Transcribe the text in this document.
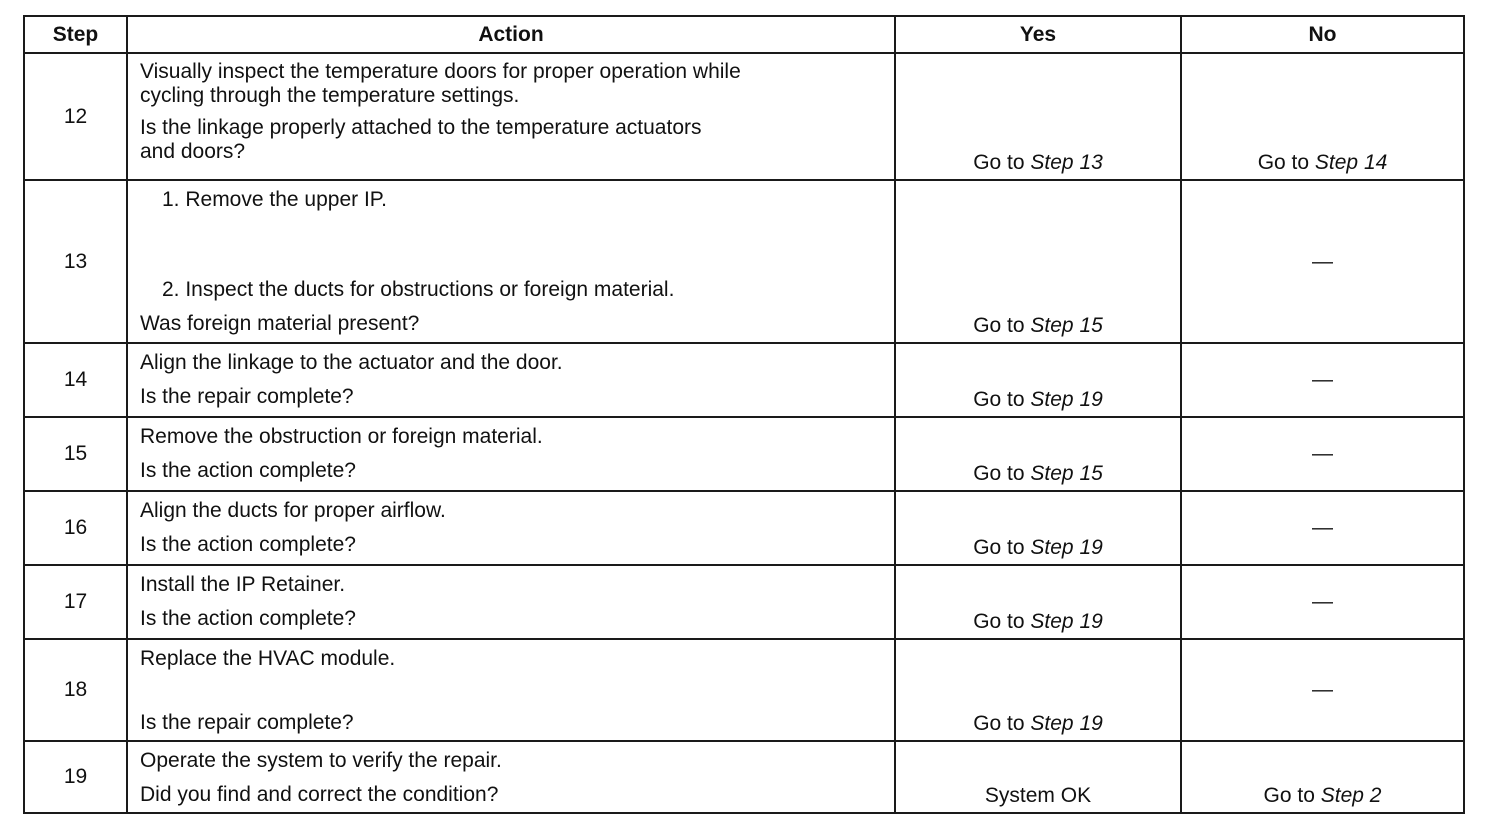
Step	Action	Yes	No
12	Visually inspect the temperature doors for proper operation while
cycling through the temperature settings.
Is the linkage properly attached to the temperature actuators
and doors?	Go to Step 13	Go to Step 14
13	1. Remove the upper IP.
2. Inspect the ducts for obstructions or foreign material.
Was foreign material present?	Go to Step 15	—
14	Align the linkage to the actuator and the door.
Is the repair complete?	Go to Step 19	—
15	Remove the obstruction or foreign material.
Is the action complete?	Go to Step 15	—
16	Align the ducts for proper airflow.
Is the action complete?	Go to Step 19	—
17	Install the IP Retainer.
Is the action complete?	Go to Step 19	—
18	Replace the HVAC module.
Is the repair complete?	Go to Step 19	—
19	Operate the system to verify the repair.
Did you find and correct the condition?	System OK	Go to Step 2
